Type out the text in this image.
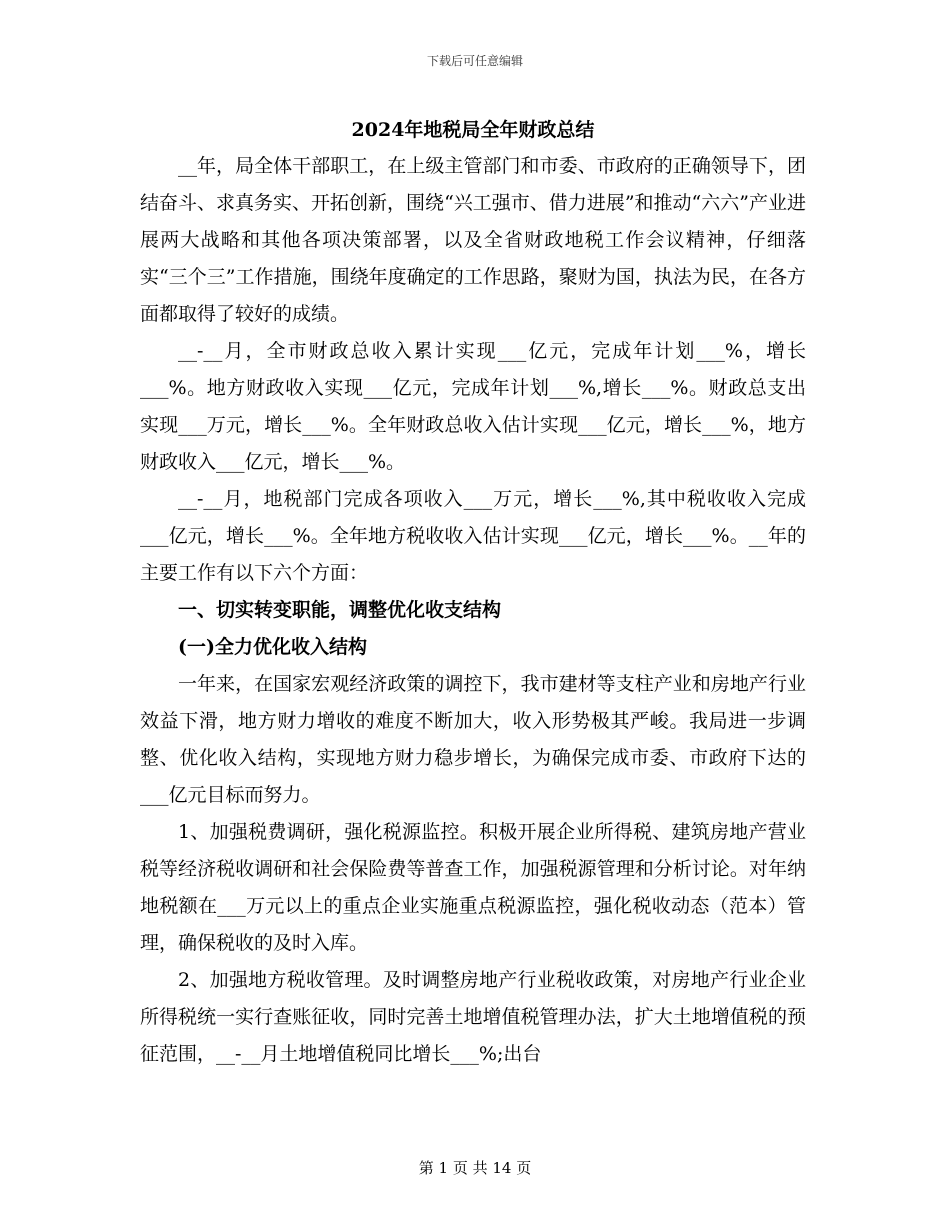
下载后可任意编辑
2024年地税局全年财政总结

__年，局全体干部职工，在上级主管部门和市委、市政府的正确领导下，团结奋斗、求真务实、开拓创新，围绕“兴工强市、借力进展”和推动“六六”产业进展两大战略和其他各项决策部署，以及全省财政地税工作会议精神，仔细落实“三个三”工作措施，围绕年度确定的工作思路，聚财为国，执法为民，在各方面都取得了较好的成绩。

__-__月，全市财政总收入累计实现___亿元，完成年计划___%，增长___%。地方财政收入实现___亿元，完成年计划___%,增长___%。财政总支出实现___万元，增长___%。全年财政总收入估计实现___亿元，增长___%，地方财政收入___亿元，增长___%。

__-__月，地税部门完成各项收入___万元，增长___%,其中税收收入完成___亿元，增长___%。全年地方税收收入估计实现___亿元，增长___%。__年的主要工作有以下六个方面：

一、切实转变职能，调整优化收支结构

(一)全力优化收入结构

一年来，在国家宏观经济政策的调控下，我市建材等支柱产业和房地产行业效益下滑，地方财力增收的难度不断加大，收入形势极其严峻。我局进一步调整、优化收入结构，实现地方财力稳步增长，为确保完成市委、市政府下达的___亿元目标而努力。

1、加强税费调研，强化税源监控。积极开展企业所得税、建筑房地产营业税等经济税收调研和社会保险费等普查工作，加强税源管理和分析讨论。对年纳地税额在___万元以上的重点企业实施重点税源监控，强化税收动态（范本）管理，确保税收的及时入库。

2、加强地方税收管理。及时调整房地产行业税收政策，对房地产行业企业所得税统一实行查账征收，同时完善土地增值税管理办法，扩大土地增值税的预征范围，__-__月土地增值税同比增长___%;出台

第 1 页 共 14 页
